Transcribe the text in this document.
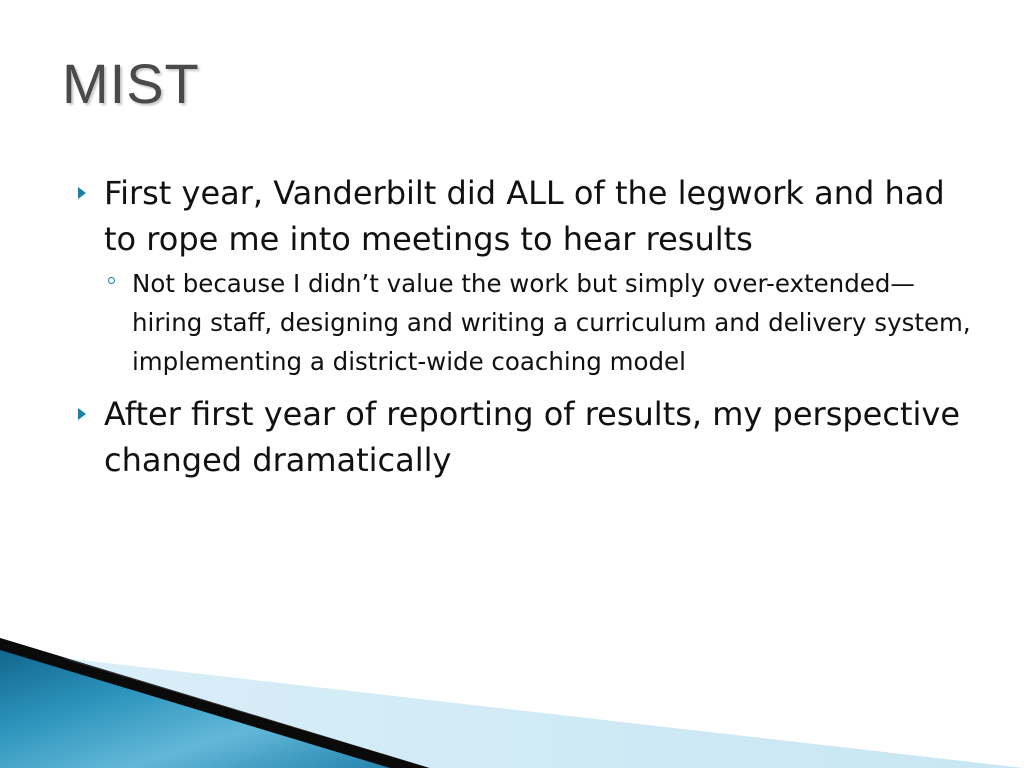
MIST
First year, Vanderbilt did ALL of the legwork and had to rope me into meetings to hear results
Not because I didn’t value the work but simply over-extended—hiring staff, designing and writing a curriculum and delivery system, implementing a district-wide coaching model
After first year of reporting of results, my perspective changed dramatically
